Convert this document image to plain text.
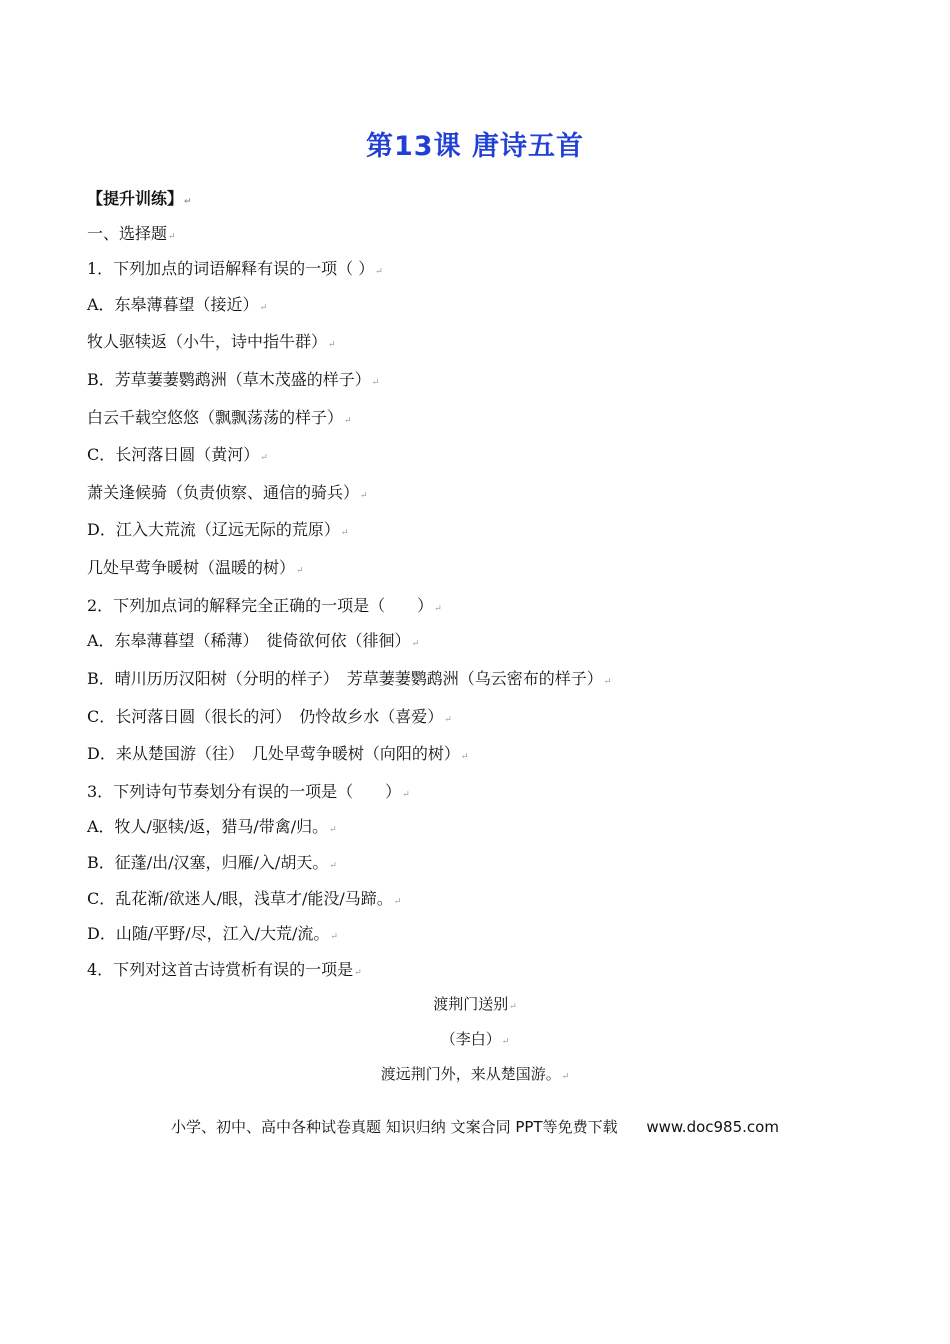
第13课 唐诗五首
【提升训练】↵
一、选择题↵
1．下列加点的词语解释有误的一项（ ）↵
A．东皋薄暮望（接近）↵
牧人驱犊返（小牛，诗中指牛群）↵
B．芳草萋萋鹦鹉洲（草木茂盛的样子）↵
白云千载空悠悠（飘飘荡荡的样子）↵
C．长河落日圆（黄河）↵
萧关逢候骑（负责侦察、通信的骑兵）↵
D．江入大荒流（辽远无际的荒原）↵
几处早莺争暖树（温暖的树）↵
2．下列加点词的解释完全正确的一项是（　　）↵
A．东皋薄暮望（稀薄）　徙倚欲何依（徘徊）↵
B．晴川历历汉阳树（分明的样子）　芳草萋萋鹦鹉洲（乌云密布的样子）↵
C．长河落日圆（很长的河）　仍怜故乡水（喜爱）↵
D．来从楚国游（往）　几处早莺争暖树（向阳的树）↵
3．下列诗句节奏划分有误的一项是（　　）↵
A．牧人/驱犊/返，猎马/带禽/归。↵
B．征蓬/出/汉塞，归雁/入/胡天。↵
C．乱花渐/欲迷人/眼，浅草才/能没/马蹄。↵
D．山随/平野/尽，江入/大荒/流。↵
4．下列对这首古诗赏析有误的一项是↵
渡荆门送别↵
（李白）↵
渡远荆门外，来从楚国游。↵
小学、初中、高中各种试卷真题 知识归纳 文案合同 PPT等免费下载 www.doc985.com
